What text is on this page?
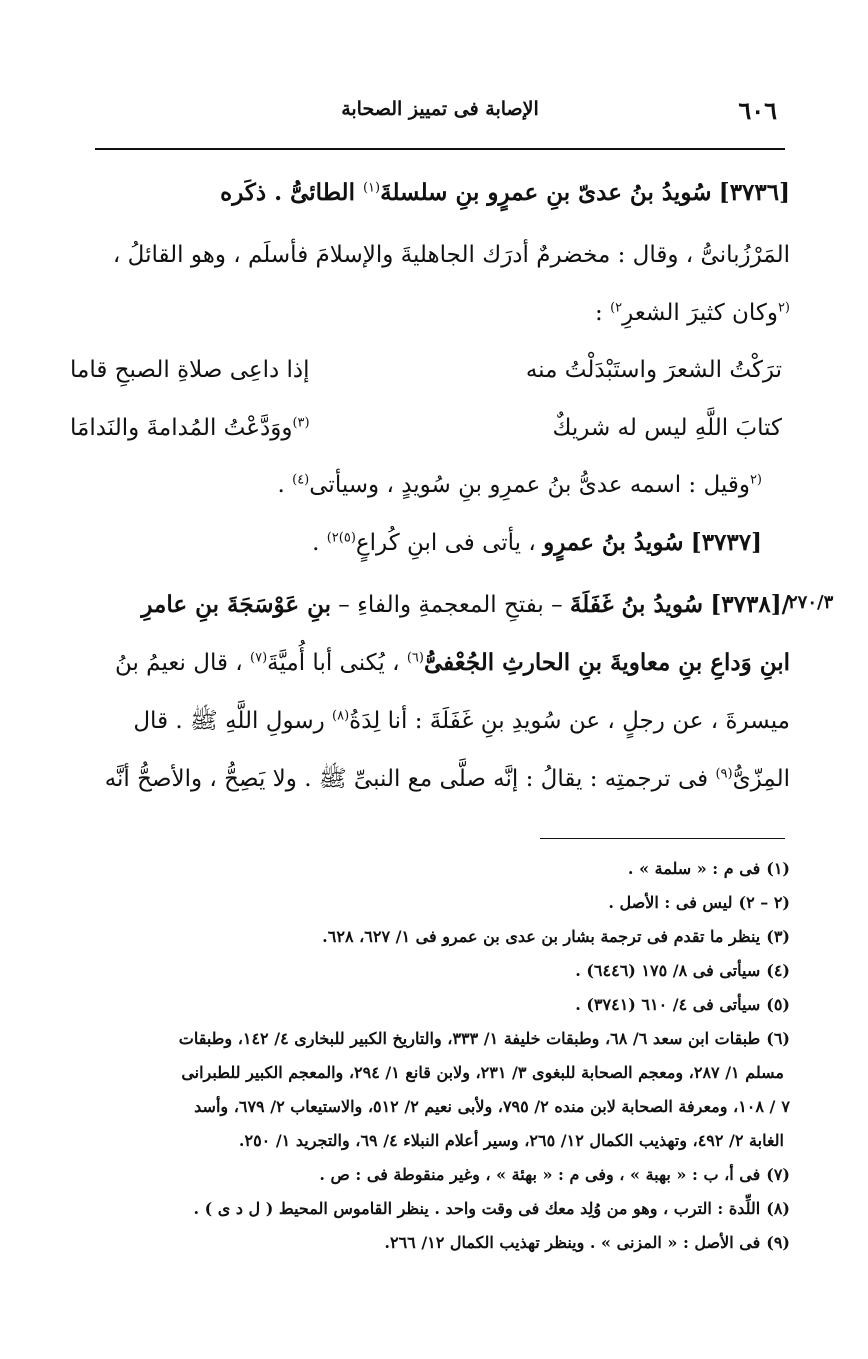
٦٠٦
الإصابة فى تمييز الصحابة
[٣٧٣٦] سُويدُ بنُ عدىّ بنِ عمرٍو بنِ سلسلةَ$^{(١)}$ الطائىُّ . ذكَره
المَرْزُبانىُّ ، وقال : مخضرمٌ أدرَك الجاهليةَ والإسلامَ فأسلَم ، وهو القائلُ ،
$^{(٢}$وكان كثيرَ الشعرِ$^{٢)}$ :
ترَكْتُ الشعرَ واستَبْدَلْتُ منه
إذا داعِى صلاةِ الصبحِ قاما
كتابَ اللَّهِ ليس له شريكٌ
$^{(٣)}$ووَدَّعْتُ المُدامةَ والنَدامَا
$^{(٢}$وقيل : اسمه عدىُّ بنُ عمرِو بنِ سُويدٍ ، وسيأتى$^{(٤)}$ .
[٣٧٣٧] سُويدُ بنُ عمرٍو ، يأتى فى ابنِ كُراعٍ$^{(٥)٢)}$ .
٢٧٠/٣
/[٣٧٣٨] سُويدُ بنُ غَفَلَةَ – بفتحِ المعجمةِ والفاءِ – بنِ عَوْسَجَةَ بنِ عامرِ
ابنِ وَداعِ بنِ معاويةَ بنِ الحارثِ الجُعْفىُّ$^{(٦)}$ ، يُكنى أبا أُميَّةَ$^{(٧)}$ ، قال نعيمُ بنُ
ميسرةَ ، عن رجلٍ ، عن سُويدِ بنِ غَفَلَةَ : أنا لِدَةُ$^{(٨)}$ رسولِ اللَّهِ ﷺ . قال
المِزّىُّ$^{(٩)}$ فى ترجمتِه : يقالُ : إنَّه صلَّى مع النبىِّ ﷺ . ولا يَصِحُّ ، والأصحُّ أنَّه
(١)فى م : « سلمة » .
(٢ – ٢)ليس فى : الأصل .
(٣)ينظر ما تقدم فى ترجمة بشار بن عدى بن عمرو فى ١/ ٦٢٧، ٦٢٨.
(٤)سيأتى فى ٨/ ١٧٥ (٦٤٤٦) .
(٥)سيأتى فى ٤/ ٦١٠ (٣٧٤١) .
(٦)طبقات ابن سعد ٦/ ٦٨، وطبقات خليفة ١/ ٣٣٣، والتاريخ الكبير للبخارى ٤/ ١٤٢، وطبقات
مسلم ١/ ٢٨٧، ومعجم الصحابة للبغوى ٣/ ٢٣١، ولابن قانع ١/ ٢٩٤، والمعجم الكبير للطبرانى
٧/ ١٠٨، ومعرفة الصحابة لابن منده ٢/ ٧٩٥، ولأبى نعيم ٢/ ٥١٢، والاستيعاب ٢/ ٦٧٩، وأسد
الغابة ٢/ ٤٩٢، وتهذيب الكمال ١٢/ ٢٦٥، وسير أعلام النبلاء ٤/ ٦٩، والتجريد ١/ ٢٥٠.
(٧)فى أ، ب : « بهبة » ، وفى م : « بهئة » ، وغير منقوطة فى : ص .
(٨)اللِّدة : الترب ، وهو من وُلِد معك فى وقت واحد . ينظر القاموس المحيط ( ل د ى ) .
(٩)فى الأصل : « المزنى » . وينظر تهذيب الكمال ١٢/ ٢٦٦.
